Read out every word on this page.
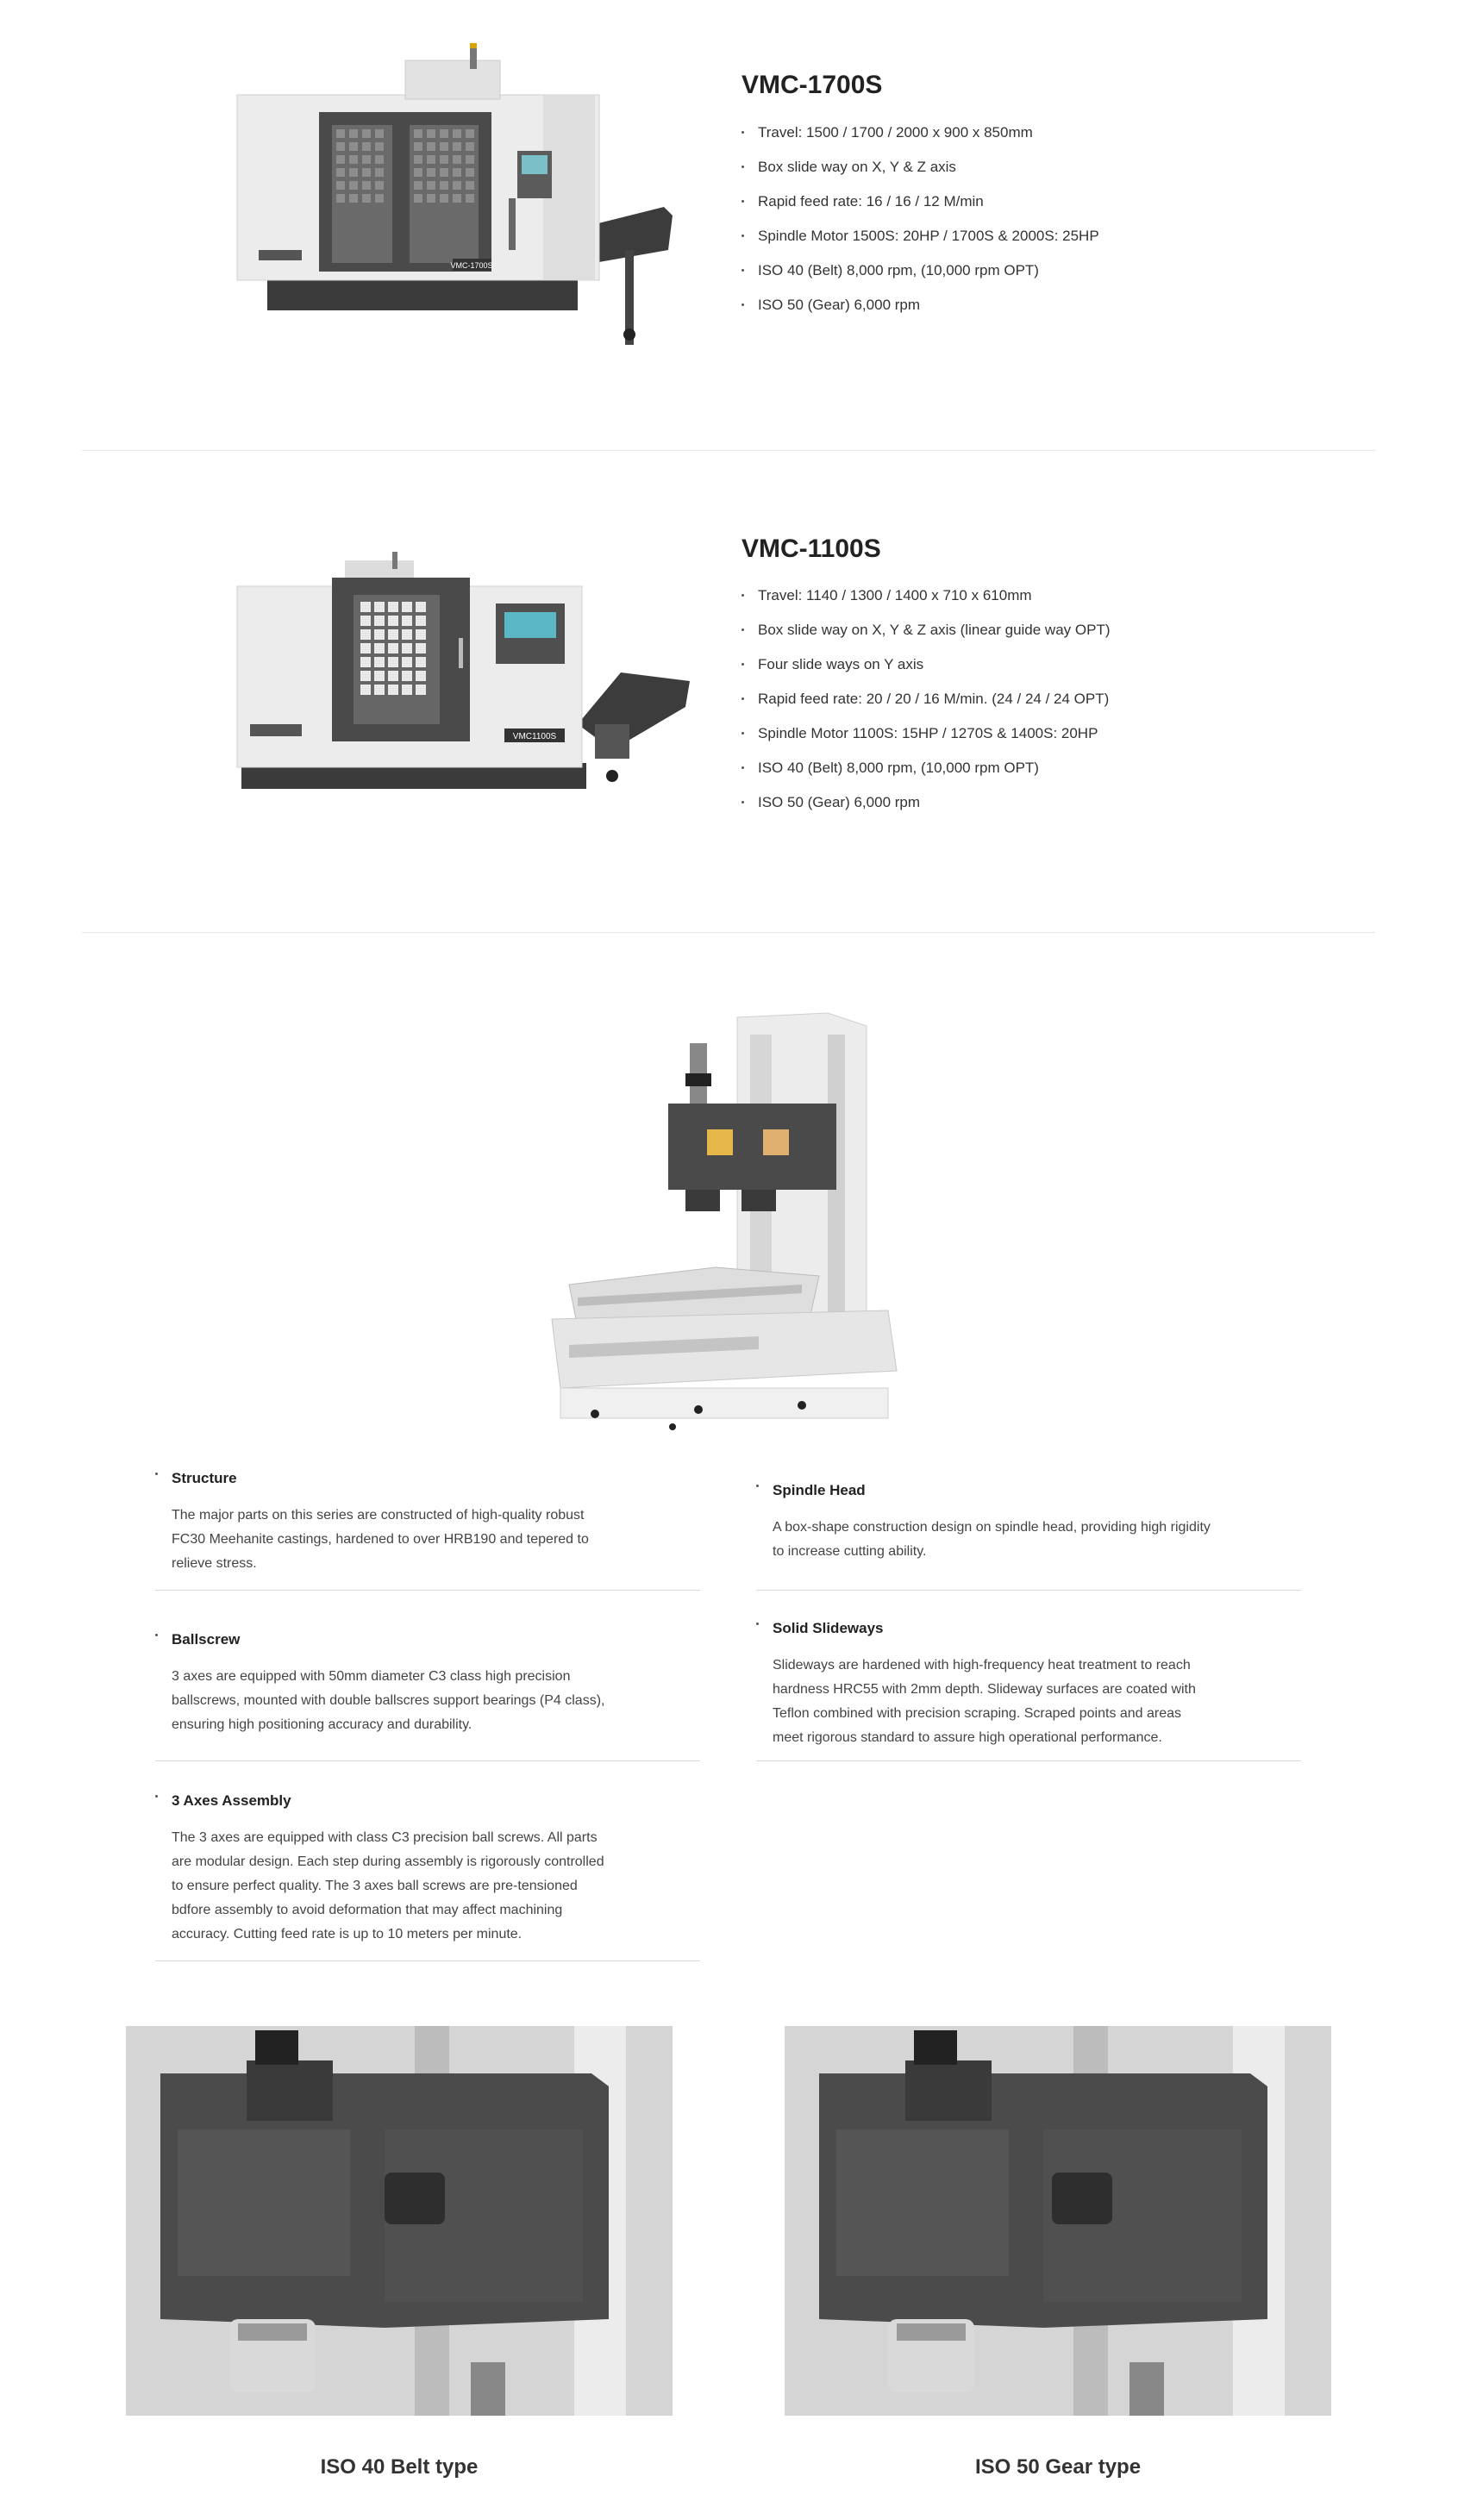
VMC-1700S
VMC-1700S
Travel: 1500 / 1700 / 2000 x 900 x 850mm
Box slide way on X, Y & Z axis
Rapid feed rate: 16 / 16 / 12 M/min
Spindle Motor 1500S: 20HP / 1700S & 2000S: 25HP
ISO 40 (Belt) 8,000 rpm, (10,000 rpm OPT)
ISO 50 (Gear) 6,000 rpm
VMC1100S
VMC-1100S
Travel: 1140 / 1300 / 1400 x 710 x 610mm
Box slide way on X, Y & Z axis (linear guide way OPT)
Four slide ways on Y axis
Rapid feed rate: 20 / 20 / 16 M/min. (24 / 24 / 24 OPT)
Spindle Motor 1100S: 15HP / 1270S & 1400S: 20HP
ISO 40 (Belt) 8,000 rpm, (10,000 rpm OPT)
ISO 50 (Gear) 6,000 rpm
Structure

The major parts on this series are constructed of high-quality robust
FC30 Meehanite castings, hardened to over HRB190 and tepered to
relieve stress.

Spindle Head

A box-shape construction design on spindle head, providing high rigidity
to increase cutting ability.

Ballscrew

3 axes are equipped with 50mm diameter C3 class high precision
ballscrews, mounted with double ballscres support bearings (P4 class),
ensuring high positioning accuracy and durability.

Solid Slideways

Slideways are hardened with high-frequency heat treatment to reach
hardness HRC55 with 2mm depth. Slideway surfaces are coated with
Teflon combined with precision scraping. Scraped points and areas
meet rigorous standard to assure high operational performance.

3 Axes Assembly

The 3 axes are equipped with class C3 precision ball screws. All parts
are modular design. Each step during assembly is rigorously controlled
to ensure perfect quality. The 3 axes ball screws are pre-tensioned
bdfore assembly to avoid deformation that may affect machining
accuracy. Cutting feed rate is up to 10 meters per minute.

ISO 40 Belt type	ISO 50 Gear type
